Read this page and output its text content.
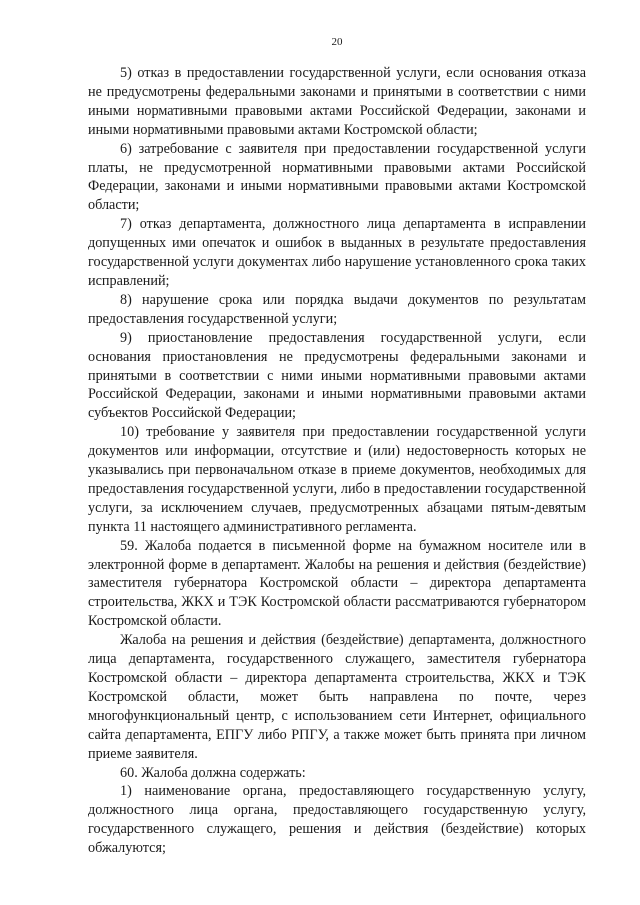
20

5) отказ в предоставлении государственной услуги, если основания отказа не предусмотрены федеральными законами и принятыми в соответствии с ними иными нормативными правовыми актами Российской Федерации, законами и иными нормативными правовыми актами Костромской области;

6) затребование с заявителя при предоставлении государственной услуги платы, не предусмотренной нормативными правовыми актами Российской Федерации, законами и иными нормативными правовыми актами Костромской области;

7) отказ департамента, должностного лица департамента в исправлении допущенных ими опечаток и ошибок в выданных в результате предоставления государственной услуги документах либо нарушение установленного срока таких исправлений;

8) нарушение срока или порядка выдачи документов по результатам предоставления государственной услуги;

9) приостановление предоставления государственной услуги, если основания приостановления не предусмотрены федеральными законами и принятыми в соответствии с ними иными нормативными правовыми актами Российской Федерации, законами и иными нормативными правовыми актами субъектов Российской Федерации;

10) требование у заявителя при предоставлении государственной услуги документов или информации, отсутствие и (или) недостоверность которых не указывались при первоначальном отказе в приеме документов, необходимых для предоставления государственной услуги, либо в предоставлении государственной услуги, за исключением случаев, предусмотренных абзацами пятым-девятым пункта 11 настоящего административного регламента.

59. Жалоба подается в письменной форме на бумажном носителе или в электронной форме в департамент. Жалобы на решения и действия (бездействие) заместителя губернатора Костромской области – директора департамента строительства, ЖКХ и ТЭК Костромской области рассматриваются губернатором Костромской области.

Жалоба на решения и действия (бездействие) департамента, должностного лица департамента, государственного служащего, заместителя губернатора Костромской области – директора департамента строительства, ЖКХ и ТЭК Костромской области, может быть направлена по почте, через многофункциональный центр, с использованием сети Интернет, официального сайта департамента, ЕПГУ либо РПГУ, а также может быть принята при личном приеме заявителя.

60. Жалоба должна содержать:

1) наименование органа, предоставляющего государственную услугу, должностного лица органа, предоставляющего государственную услугу, государственного служащего, решения и действия (бездействие) которых обжалуются;
